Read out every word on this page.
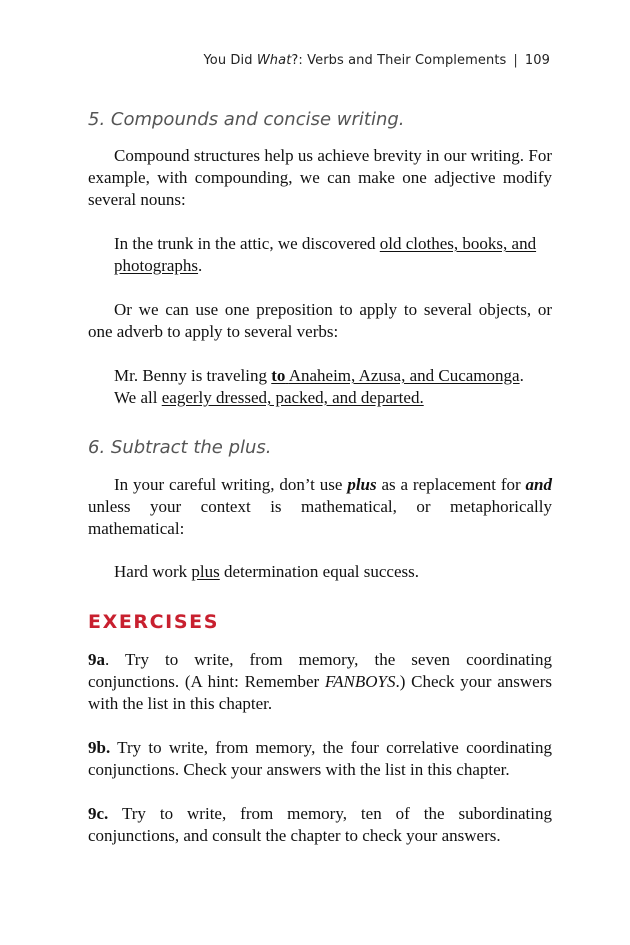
You Did What?: Verbs and Their Complements | 109
5. Compounds and concise writing.

Compound structures help us achieve brevity in our writing. For example, with compounding, we can make one adjective modify several nouns:

In the trunk in the attic, we discovered old clothes, books, and photographs.

Or we can use one preposition to apply to several objects, or one adverb to apply to several verbs:

Mr. Benny is traveling to Anaheim, Azusa, and Cucamonga.

We all eagerly dressed, packed, and departed.

6. Subtract the plus.

In your careful writing, don’t use plus as a replacement for and unless your context is mathematical, or metaphorically mathematical:

Hard work plus determination equal success.

EXERCISES

9a. Try to write, from memory, the seven coordinating conjunctions. (A hint: Remember FANBOYS.) Check your answers with the list in this chapter.

9b. Try to write, from memory, the four correlative coordinating conjunctions. Check your answers with the list in this chapter.

9c. Try to write, from memory, ten of the subordinating conjunctions, and consult the chapter to check your answers.
